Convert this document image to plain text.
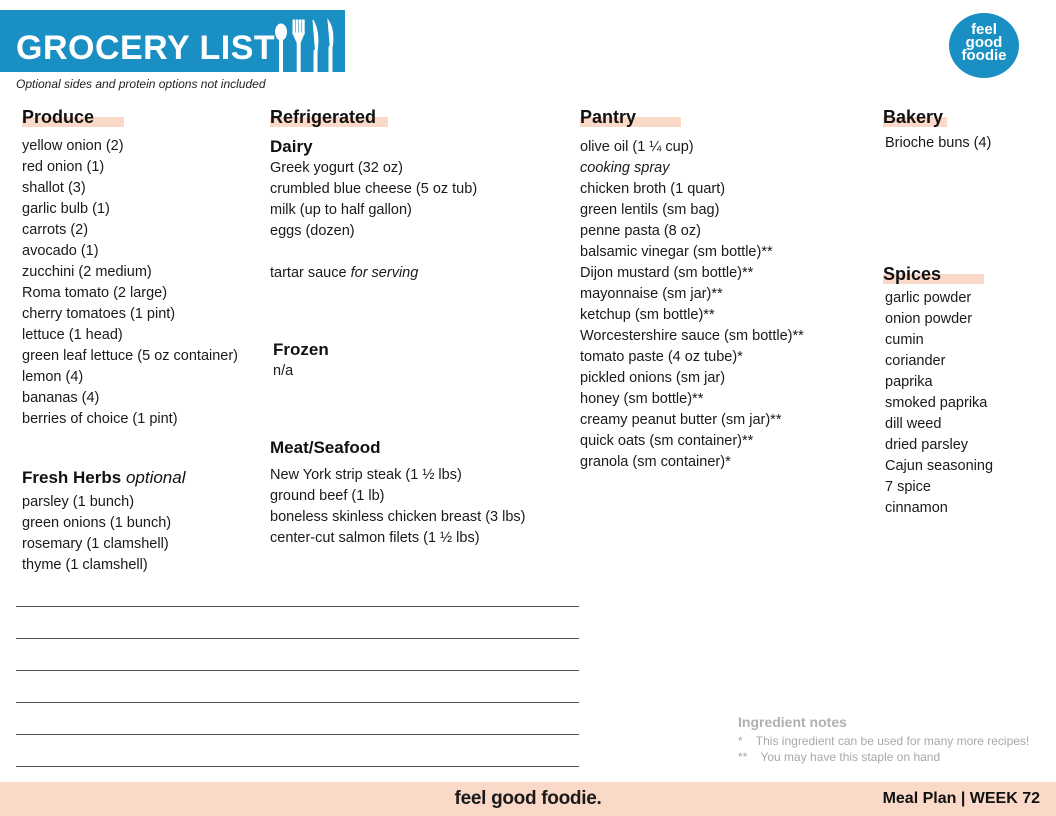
GROCERY LIST
Optional sides and protein options not included
feel
good
foodie
Produce
yellow onion (2)
red onion (1)
shallot (3)
garlic bulb (1)
carrots (2)
avocado (1)
zucchini (2 medium)
Roma tomato (2 large)
cherry tomatoes (1 pint)
lettuce (1 head)
green leaf lettuce (5 oz container)
lemon (4)
bananas (4)
berries of choice (1 pint)
Fresh Herbs optional
parsley (1 bunch)
green onions (1 bunch)
rosemary (1 clamshell)
thyme (1 clamshell)
Refrigerated
Dairy
Greek yogurt (32 oz)
crumbled blue cheese (5 oz tub)
milk (up to half gallon)
eggs (dozen)
tartar sauce for serving
Frozen
n/a
Meat/Seafood
New York strip steak (1 ½ lbs)
ground beef (1 lb)
boneless skinless chicken breast (3 lbs)
center-cut salmon filets (1 ½ lbs)
Pantry
olive oil (1 ¼ cup)
cooking spray
chicken broth (1 quart)
green lentils (sm bag)
penne pasta (8 oz)
balsamic vinegar (sm bottle)**
Dijon mustard (sm bottle)**
mayonnaise (sm jar)**
ketchup (sm bottle)**
Worcestershire sauce (sm bottle)**
tomato paste (4 oz tube)*
pickled onions (sm jar)
honey (sm bottle)**
creamy peanut butter (sm jar)**
quick oats (sm container)**
granola (sm container)*
Bakery
Brioche buns (4)
Spices
garlic powder
onion powder
cumin
coriander
paprika
smoked paprika
dill weed
dried parsley
Cajun seasoning
7 spice
cinnamon
Ingredient notes
* This ingredient can be used for many more recipes!
** You may have this staple on hand
feel good foodie.	Meal Plan | WEEK 72
